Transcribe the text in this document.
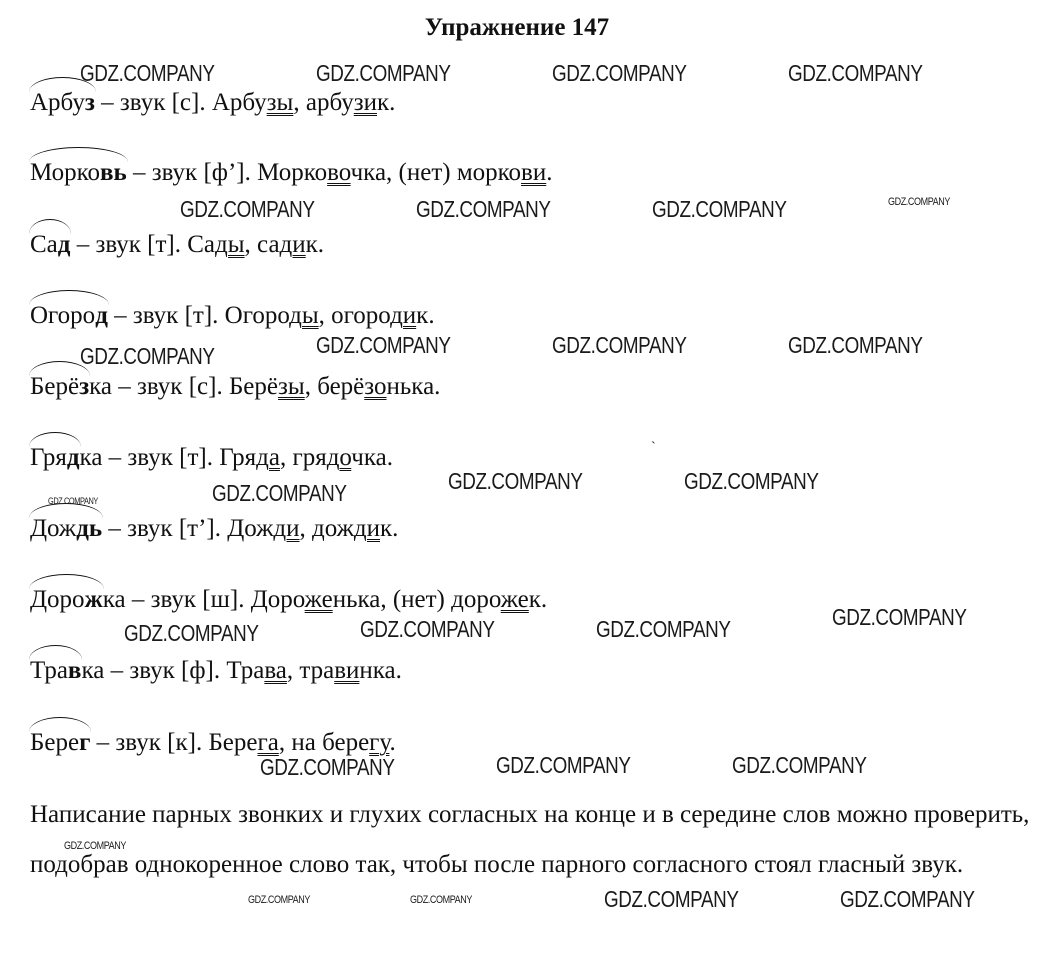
Упражнение 147
Арбуз – звук [с]. Арбузы, арбузик.
Морковь – звук [ф’]. Морковочка, (нет) моркови.
Сад – звук [т]. Сады, садик.
Огород – звук [т]. Огороды, огородик.
Берёзка – звук [с]. Берёзы, берёзонька.
Грядка – звук [т]. Гряда, грядочка.
Дождь – звук [т’]. Дожди, дождик.
Дорожка – звук [ш]. Дороженька, (нет) дорожек.
Травка – звук [ф]. Трава, травинка.
Берег – звук [к]. Берега, на берегу.
Написание парных звонких и глухих согласных на конце и в середине слов можно проверить, подобрав однокоренное слово так, чтобы после парного согласного стоял гласный звук.
`
GDZ.COMPANY	GDZ.COMPANY	GDZ.COMPANY	GDZ.COMPANY
GDZ.COMPANY	GDZ.COMPANY	GDZ.COMPANY	GDZ.COMPANY
GDZ.COMPANY	GDZ.COMPANY	GDZ.COMPANY	GDZ.COMPANY
GDZ.COMPANY	GDZ.COMPANY	GDZ.COMPANY	GDZ.COMPANY
GDZ.COMPANY	GDZ.COMPANY	GDZ.COMPANY	GDZ.COMPANY
GDZ.COMPANY	GDZ.COMPANY	GDZ.COMPANY
GDZ.COMPANY
GDZ.COMPANY	GDZ.COMPANY	GDZ.COMPANY	GDZ.COMPANY
